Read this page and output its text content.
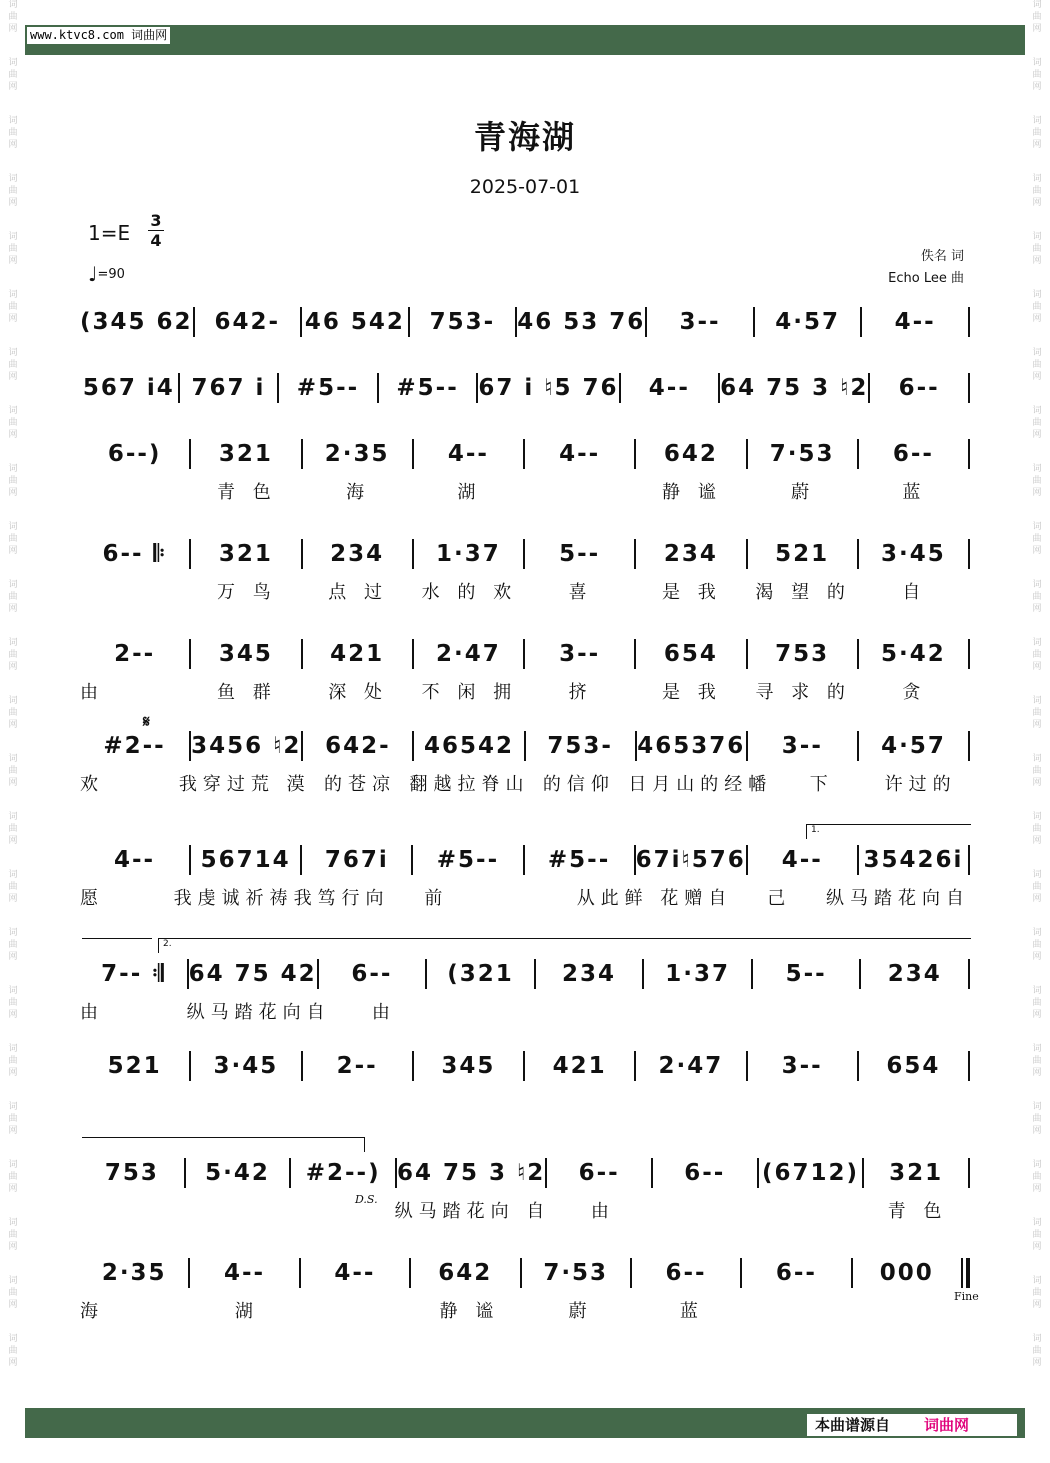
词
曲
网
词
曲
网
词
曲
网
词
曲
网
词
曲
网
词
曲
网
词
曲
网
词
曲
网
词
曲
网
词
曲
网
词
曲
网
词
曲
网
词
曲
网
词
曲
网
词
曲
网
词
曲
网
词
曲
网
词
曲
网
词
曲
网
词
曲
网
词
曲
网
词
曲
网
词
曲
网
词
曲
网
词
曲
网
词
曲
网
词
曲
网
词
曲
网
词
曲
网
词
曲
网
词
曲
网
词
曲
网
词
曲
网
词
曲
网
词
曲
网
词
曲
网
词
曲
网
词
曲
网
词
曲
网
词
曲
网
词
曲
网
词
曲
网
词
曲
网
词
曲
网
词
曲
网
词
曲
网
词
曲
网
词
曲
网
www.ktvc8.com 词曲网
青海湖
2025-07-01
1=E
3
4
♩=90
佚名 词
Echo Lee 曲
(345 62 642-	46 542	753- 46 53 76	3--	4·57	4--
567 i4 767 i	#5--	#5-- 67 i ♮5 76	4--	64 75 3 ♮2	6--
6--)	321	2·35	4--	4--	642	7·53	6--
青 色	海	湖	静 谧	蔚	蓝
6-- 𝄆	321	234	1·37	5--	234	521	3·45
万 鸟	点 过	水 的 欢	喜	是 我	渴 望 的	自
2--	345	421	2·47	3--	654	753	5·42
由	鱼 群	深 处	不 闲 拥	挤	是 我	寻 求 的	贪
#2--	3456 ♮2	642-	46542	753-	465376	3--	4·57
欢	我穿过荒 漠 的苍凉 翻越拉脊山 的信仰 日月山的经幡	下	许过的
4--	56714	767i	#5--	#5--	67i♮576	4--	35426i
愿	我虔诚祈祷 我笃行向	前	从此鲜 花赠自	己	纵马踏花向自
7-- 𝄇	64 75 42	6--	(321	234	1·37	5--	234
由	纵马踏花向自	由
521	3·45	2--	345	421	2·47	3--	654
753	5·42	#2--) 64 75 3 ♮2	6--	6--	(6712)	321
纵马踏花向 自	由	青 色
2·35	4--	4--	642	7·53	6--	6--	000
海	湖	静 谧	蔚	蓝
𝄋
1.
2.
D.S.
Fine
本曲谱源自 词曲网
